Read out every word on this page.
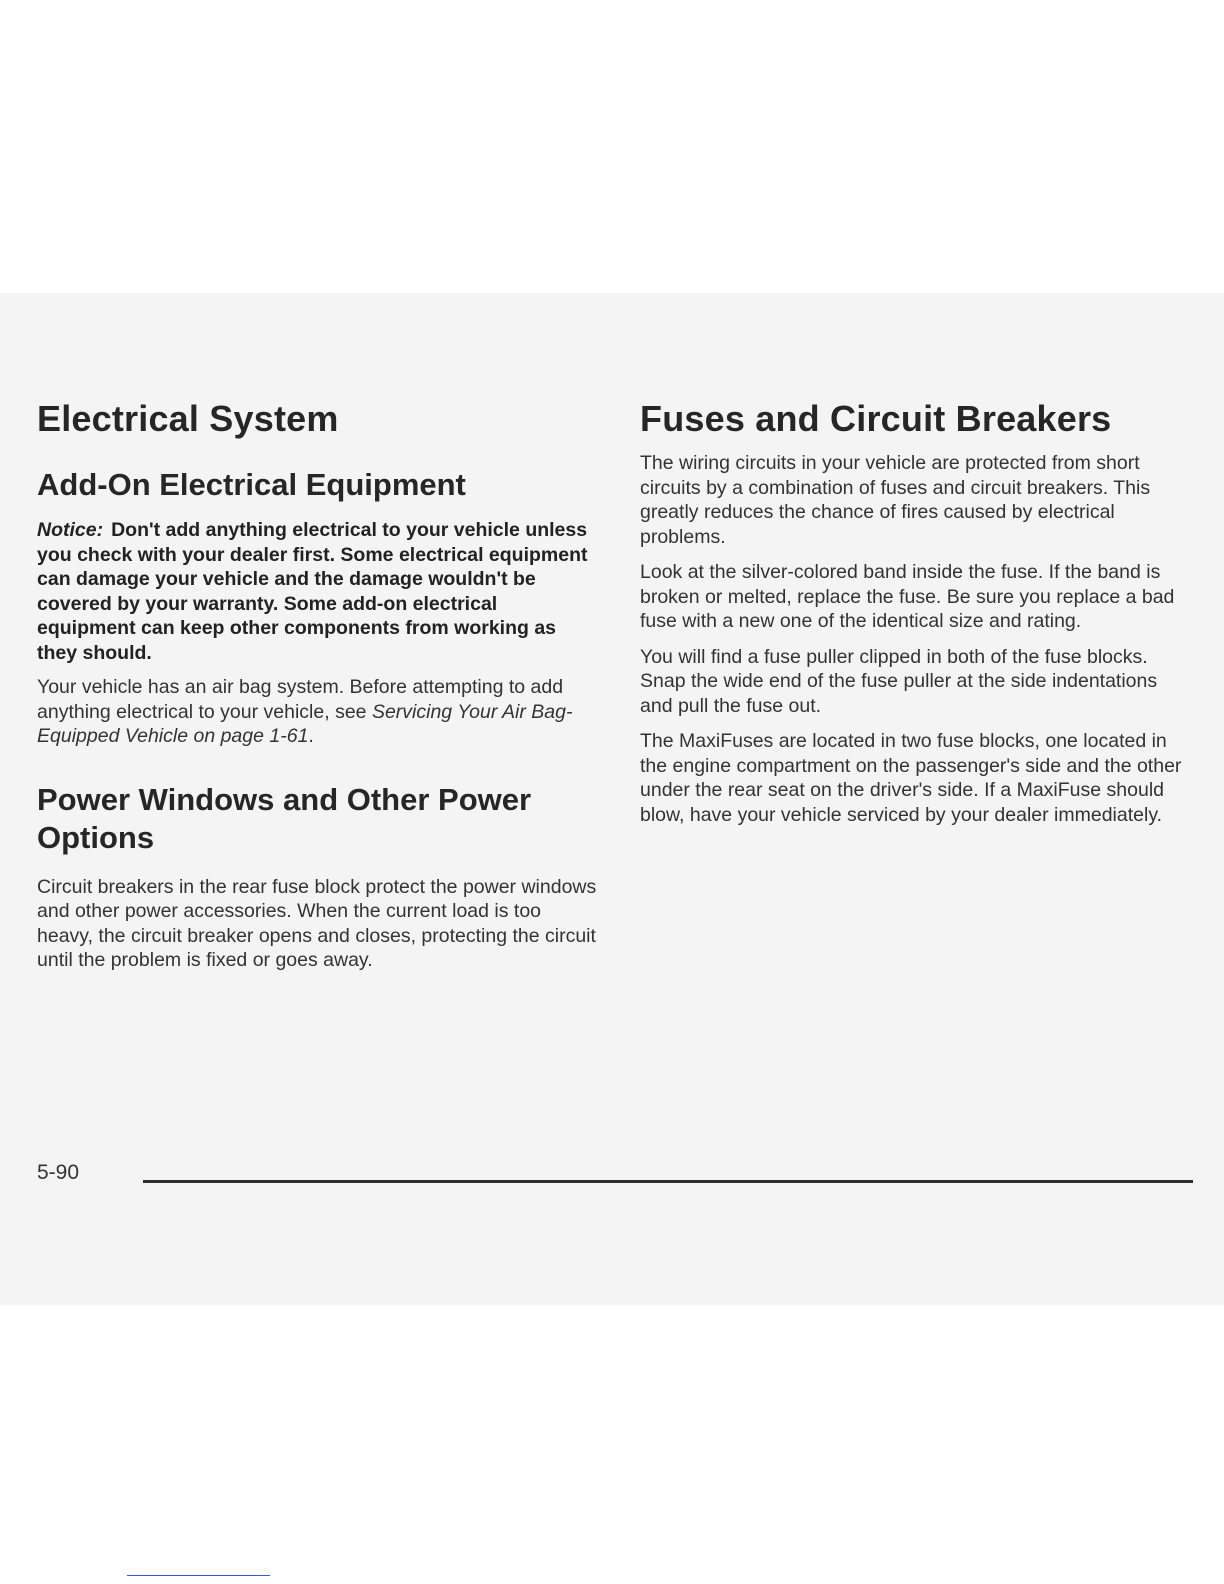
Electrical System
Add-On Electrical Equipment

Notice: Don't add anything electrical to your vehicle unless you check with your dealer first. Some electrical equipment can damage your vehicle and the damage wouldn't be covered by your warranty. Some add-on electrical equipment can keep other components from working as they should.

Your vehicle has an air bag system. Before attempting to add anything electrical to your vehicle, see Servicing Your Air Bag-Equipped Vehicle on page 1-61.

Power Windows and Other Power Options

Circuit breakers in the rear fuse block protect the power windows and other power accessories. When the current load is too heavy, the circuit breaker opens and closes, protecting the circuit until the problem is fixed or goes away.

Fuses and Circuit Breakers

The wiring circuits in your vehicle are protected from short circuits by a combination of fuses and circuit breakers. This greatly reduces the chance of fires caused by electrical problems.

Look at the silver-colored band inside the fuse. If the band is broken or melted, replace the fuse. Be sure you replace a bad fuse with a new one of the identical size and rating.

You will find a fuse puller clipped in both of the fuse blocks. Snap the wide end of the fuse puller at the side indentations and pull the fuse out.

The MaxiFuses are located in two fuse blocks, one located in the engine compartment on the passenger's side and the other under the rear seat on the driver's side. If a MaxiFuse should blow, have your vehicle serviced by your dealer immediately.

5-90
